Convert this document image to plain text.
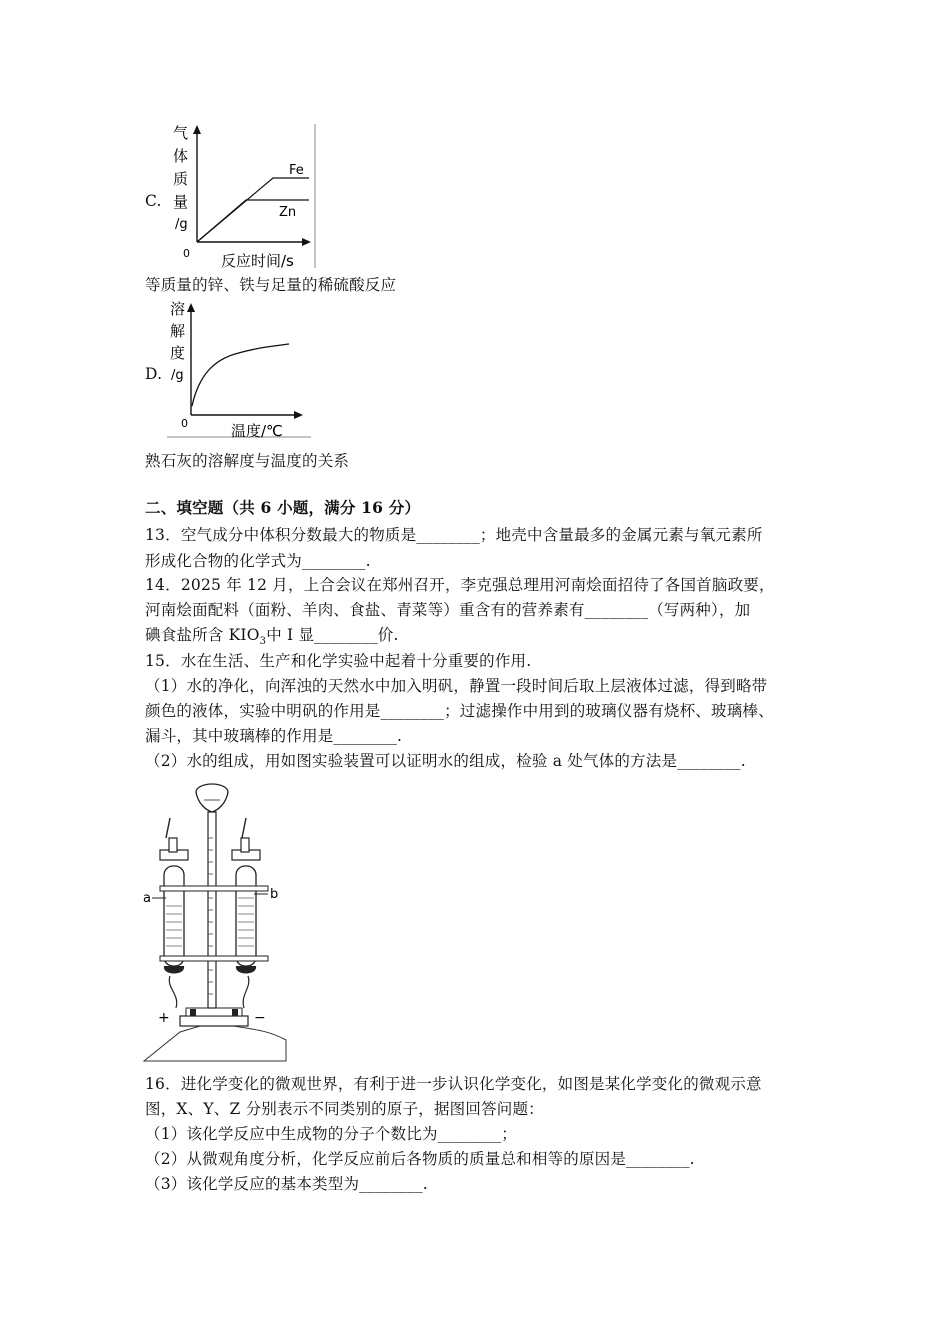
C.
气
体
质
量
/g
0 反应时间/s
Fe
Zn
等质量的锌、铁与足量的稀硫酸反应
D.
溶
解
度
/g
0	温度/℃
熟石灰的溶解度与温度的关系
二、填空题（共 6 小题，满分 16 分）
13．空气成分中体积分数最大的物质是________；地壳中含量最多的金属元素与氧元素所
形成化合物的化学式为________.
14．2025 年 12 月，上合会议在郑州召开，李克强总理用河南烩面招待了各国首脑政要，
河南烩面配料（面粉、羊肉、食盐、青菜等）重含有的营养素有________（写两种），加
碘食盐所含 $KIO_3$中 I 显________价.
15．水在生活、生产和化学实验中起着十分重要的作用.
（1）水的净化，向浑浊的天然水中加入明矾，静置一段时间后取上层液体过滤，得到略带
颜色的液体，实验中明矾的作用是________；过滤操作中用到的玻璃仪器有烧杯、玻璃棒、
漏斗，其中玻璃棒的作用是________.
（2）水的组成，用如图实验装置可以证明水的组成，检验 a 处气体的方法是________.
a	b
+	−
16．进化学变化的微观世界，有利于进一步认识化学变化，如图是某化学变化的微观示意
图，X、Y、Z 分别表示不同类别的原子，据图回答问题：
（1）该化学反应中生成物的分子个数比为________；
（2）从微观角度分析，化学反应前后各物质的质量总和相等的原因是________.
（3）该化学反应的基本类型为________.
